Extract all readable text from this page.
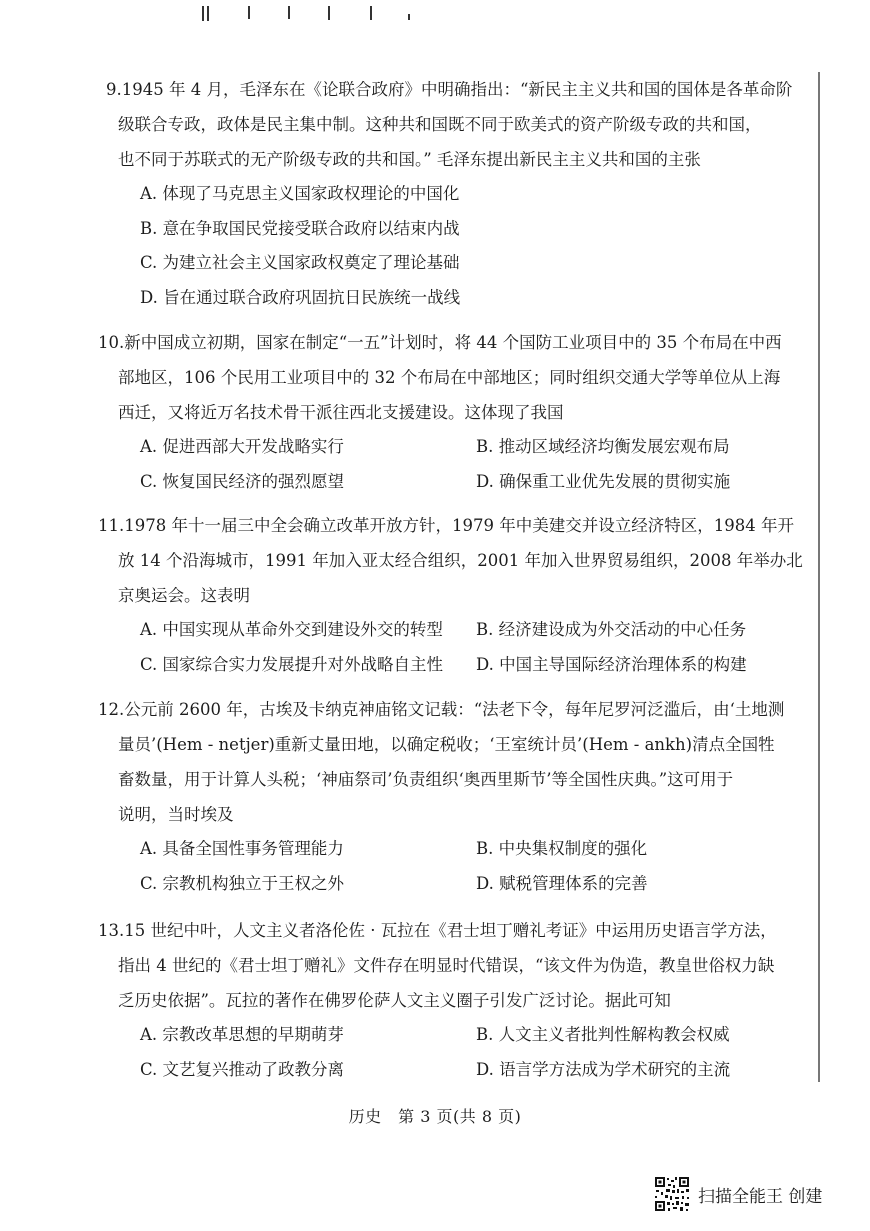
9.1945 年 4 月，毛泽东在《论联合政府》中明确指出：“新民主主义共和国的国体是各革命阶
级联合专政，政体是民主集中制。这种共和国既不同于欧美式的资产阶级专政的共和国，
也不同于苏联式的无产阶级专政的共和国。” 毛泽东提出新民主主义共和国的主张
A. 体现了马克思主义国家政权理论的中国化
B. 意在争取国民党接受联合政府以结束内战
C. 为建立社会主义国家政权奠定了理论基础
D. 旨在通过联合政府巩固抗日民族统一战线
10.新中国成立初期，国家在制定“一五”计划时，将 44 个国防工业项目中的 35 个布局在中西
部地区，106 个民用工业项目中的 32 个布局在中部地区；同时组织交通大学等单位从上海
西迁，又将近万名技术骨干派往西北支援建设。这体现了我国
A. 促进西部大开发战略实行	B. 推动区域经济均衡发展宏观布局
C. 恢复国民经济的强烈愿望	D. 确保重工业优先发展的贯彻实施
11.1978 年十一届三中全会确立改革开放方针，1979 年中美建交并设立经济特区，1984 年开
放 14 个沿海城市，1991 年加入亚太经合组织，2001 年加入世界贸易组织，2008 年举办北
京奥运会。这表明
A. 中国实现从革命外交到建设外交的转型 B. 经济建设成为外交活动的中心任务
C. 国家综合实力发展提升对外战略自主性 D. 中国主导国际经济治理体系的构建
12.公元前 2600 年，古埃及卡纳克神庙铭文记载：“法老下令，每年尼罗河泛滥后，由‘土地测
量员’(Hem - netjer)重新丈量田地，以确定税收；‘王室统计员’(Hem - ankh)清点全国牲
畜数量，用于计算人头税；‘神庙祭司’负责组织‘奥西里斯节’等全国性庆典。”这可用于
说明，当时埃及
A. 具备全国性事务管理能力	B. 中央集权制度的强化
C. 宗教机构独立于王权之外	D. 赋税管理体系的完善
13.15 世纪中叶，人文主义者洛伦佐 · 瓦拉在《君士坦丁赠礼考证》中运用历史语言学方法，
指出 4 世纪的《君士坦丁赠礼》文件存在明显时代错误，“该文件为伪造，教皇世俗权力缺
乏历史依据”。瓦拉的著作在佛罗伦萨人文主义圈子引发广泛讨论。据此可知
A. 宗教改革思想的早期萌芽	B. 人文主义者批判性解构教会权威
C. 文艺复兴推动了政教分离	D. 语言学方法成为学术研究的主流
历史　第 3 页(共 8 页)
扫描全能王 创建
